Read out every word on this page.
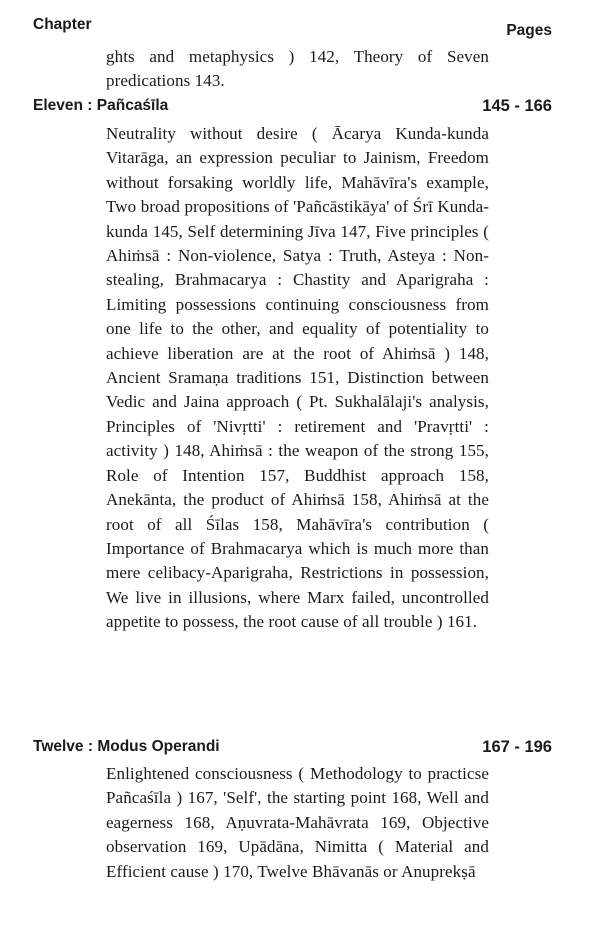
Chapter	Pages

ghts and metaphysics ) 142, Theory of Seven predications 143.

Eleven : Pañcaśīla	145 - 166

Neutrality without desire ( Ācarya Kunda-kunda Vitarāga, an expression peculiar to Jainism, Freedom without forsaking worldly life, Mahāvīra's example, Two broad propositions of 'Pañcāstikāya' of Śrī Kunda-kunda 145, Self determining Jīva 147, Five principles ( Ahiṁsā : Non-violence, Satya : Truth, Asteya : Non-stealing, Brahmacarya : Chastity and Aparigraha : Limiting possessions continuing consciousness from one life to the other, and equality of potentiality to achieve liberation are at the root of Ahiṁsā ) 148, Ancient Sramaṇa traditions 151, Distinction between Vedic and Jaina approach ( Pt. Sukhalālaji's analysis, Principles of 'Nivṛtti' : retirement and 'Pravṛtti' : activity ) 148, Ahiṁsā : the weapon of the strong 155, Role of Intention 157, Buddhist approach 158, Anekānta, the product of Ahiṁsā 158, Ahiṁsā at the root of all Śīlas 158, Mahāvīra's contribution ( Importance of Brahmacarya which is much more than mere celibacy-Aparigraha, Restrictions in possession, We live in illusions, where Marx failed, uncontrolled appetite to possess, the root cause of all trouble ) 161.

Twelve : Modus Operandi	167 - 196

Enlightened consciousness ( Methodology to practicse Pañcaśīla ) 167, 'Self', the starting point 168, Well and eagerness 168, Aṇuvrata-Mahāvrata 169, Objective observation 169, Upādāna, Nimitta ( Material and Efficient cause ) 170, Twelve Bhāvanās or Anuprekṣā
